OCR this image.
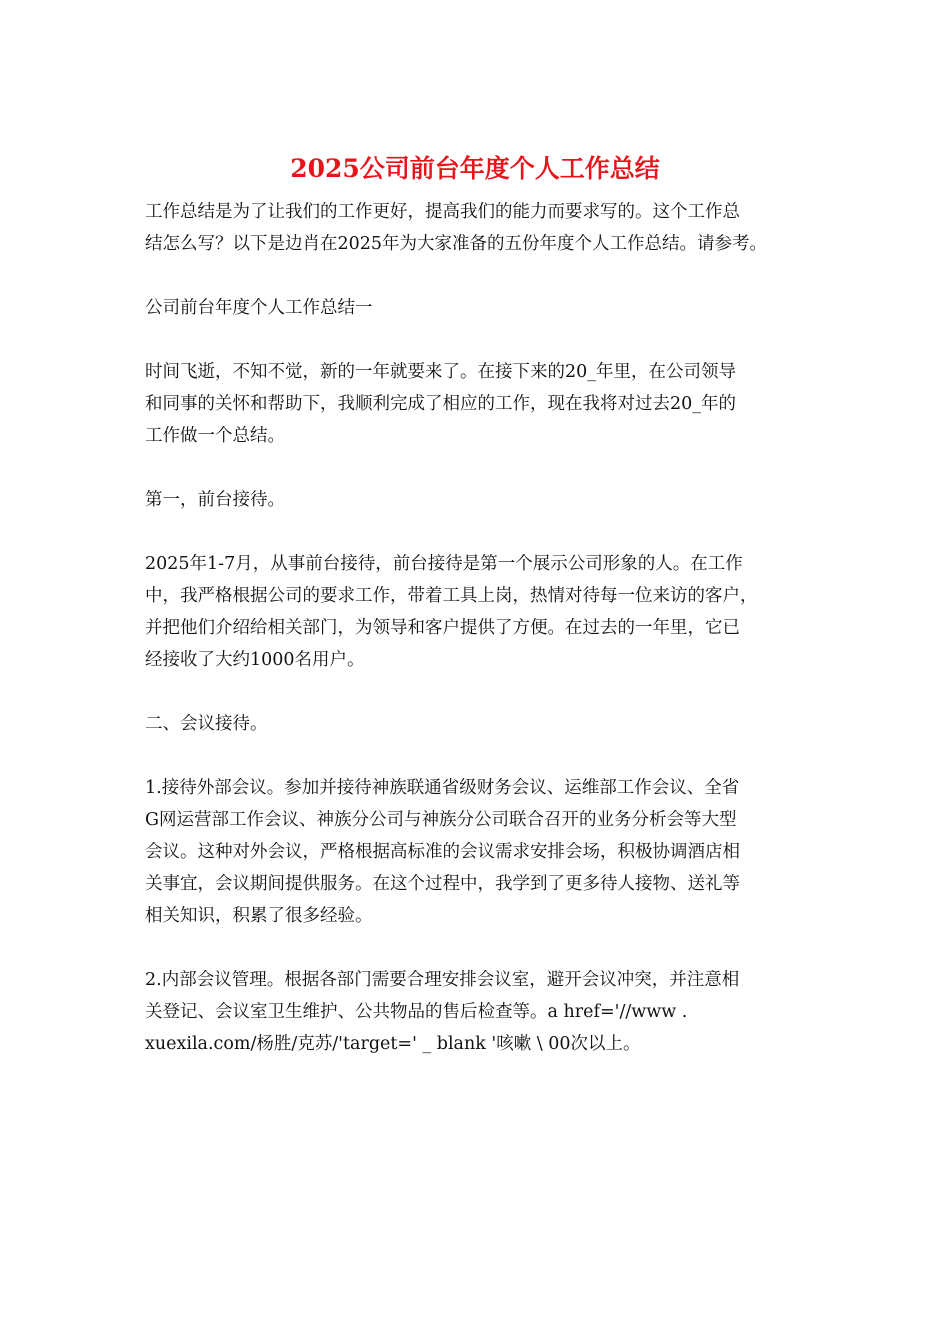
2025公司前台年度个人工作总结

工作总结是为了让我们的工作更好，提高我们的能力而要求写的。这个工作总
结怎么写？以下是边肖在2025年为大家准备的五份年度个人工作总结。请参考。

公司前台年度个人工作总结一

时间飞逝，不知不觉，新的一年就要来了。在接下来的20_年里，在公司领导
和同事的关怀和帮助下，我顺利完成了相应的工作，现在我将对过去20_年的
工作做一个总结。

第一，前台接待。

2025年1-7月，从事前台接待，前台接待是第一个展示公司形象的人。在工作
中，我严格根据公司的要求工作，带着工具上岗，热情对待每一位来访的客户，
并把他们介绍给相关部门，为领导和客户提供了方便。在过去的一年里，它已
经接收了大约1000名用户。

二、会议接待。

1.接待外部会议。参加并接待神族联通省级财务会议、运维部工作会议、全省
G网运营部工作会议、神族分公司与神族分公司联合召开的业务分析会等大型
会议。这种对外会议，严格根据高标准的会议需求安排会场，积极协调酒店相
关事宜，会议期间提供服务。在这个过程中，我学到了更多待人接物、送礼等
相关知识，积累了很多经验。

2.内部会议管理。根据各部门需要合理安排会议室，避开会议冲突，并注意相
关登记、会议室卫生维护、公共物品的售后检查等。a href='//www .
xuexila.com/杨胜/克苏/'target=' _ blank '咳嗽 \ 00次以上。
